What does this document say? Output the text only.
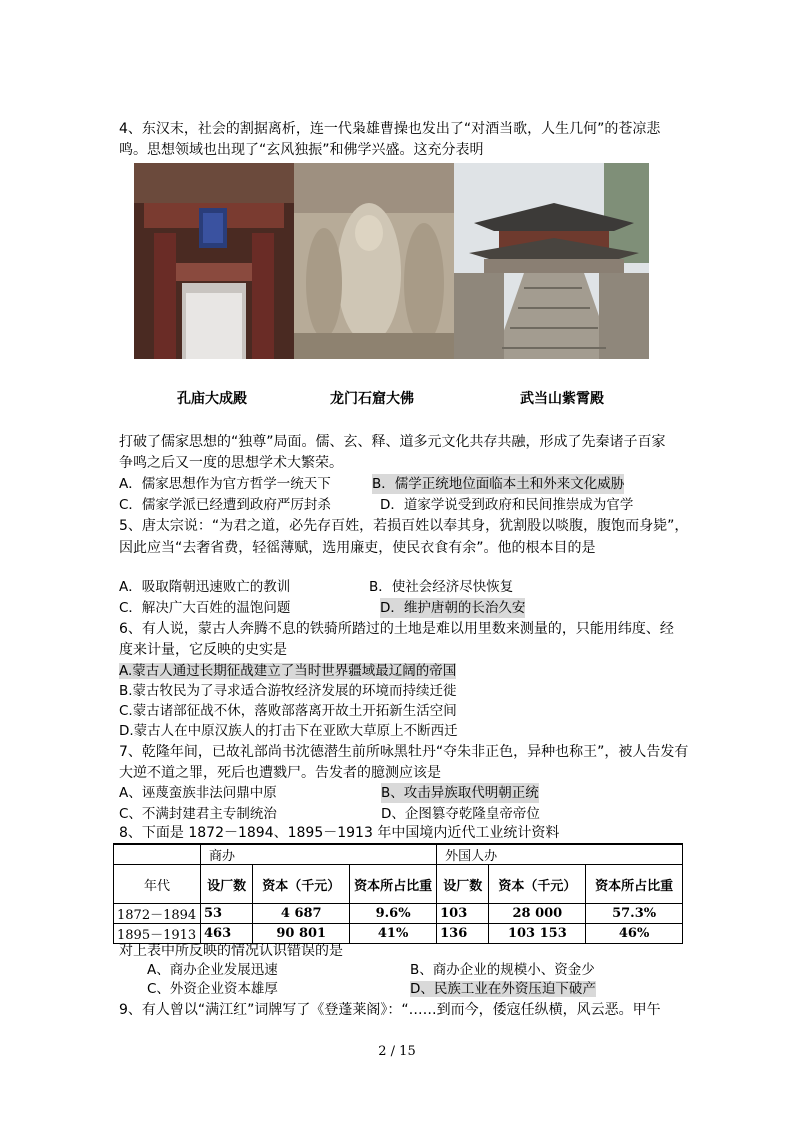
4、东汉末，社会的割据离析，连一代枭雄曹操也发出了“对酒当歌，人生几何”的苍凉悲
鸣。思想领域也出现了“玄风独振”和佛学兴盛。这充分表明
孔庙大成殿	龙门石窟大佛	武当山紫霄殿
打破了儒家思想的“独尊”局面。儒、玄、释、道多元文化共存共融，形成了先秦诸子百家
争鸣之后又一度的思想学术大繁荣。
A．儒家思想作为官方哲学一统天下	B．儒学正统地位面临本土和外来文化威胁
C．儒家学派已经遭到政府严厉封杀	D．道家学说受到政府和民间推崇成为官学
5、唐太宗说：“为君之道，必先存百姓，若损百姓以奉其身，犹割股以啖腹，腹饱而身毙”，
因此应当“去奢省费，轻徭薄赋，选用廉吏，使民衣食有余”。他的根本目的是
A．吸取隋朝迅速败亡的教训	B．使社会经济尽快恢复
C．解决广大百姓的温饱问题	D．维护唐朝的长治久安
6、有人说，蒙古人奔腾不息的铁骑所踏过的土地是难以用里数来测量的，只能用纬度、经
度来计量，它反映的史实是
A.蒙古人通过长期征战建立了当时世界疆域最辽阔的帝国
B.蒙古牧民为了寻求适合游牧经济发展的环境而持续迁徙
C.蒙古诸部征战不休，落败部落离开故土开拓新生活空间
D.蒙古人在中原汉族人的打击下在亚欧大草原上不断西迁
7、乾隆年间，已故礼部尚书沈德潜生前所咏黑牡丹“夺朱非正色，异种也称王”，被人告发有
大逆不道之罪，死后也遭戮尸。告发者的臆测应该是
A、诬蔑蛮族非法问鼎中原	B、攻击异族取代明朝正统
C、不满封建君主专制统治	D、企图篡夺乾隆皇帝帝位
8、下面是 1872－1894、1895－1913 年中国境内近代工业统计资料
	商办			外国人办		
年代	设厂数	资本（千元）	资本所占比重	设厂数	资本（千元）	资本所占比重
1872－1894	53	4 687	9.6%	103	28 000	57.3%
1895－1913	463	90 801	41%	136	103 153	46%
对上表中所反映的情况认识错误的是
A、商办企业发展迅速	B、商办企业的规模小、资金少
C、外资企业资本雄厚	D、民族工业在外资压迫下破产
9、有人曾以“满江红”词牌写了《登蓬莱阁》：“……到而今，倭寇任纵横，风云恶。甲午
2 / 15
